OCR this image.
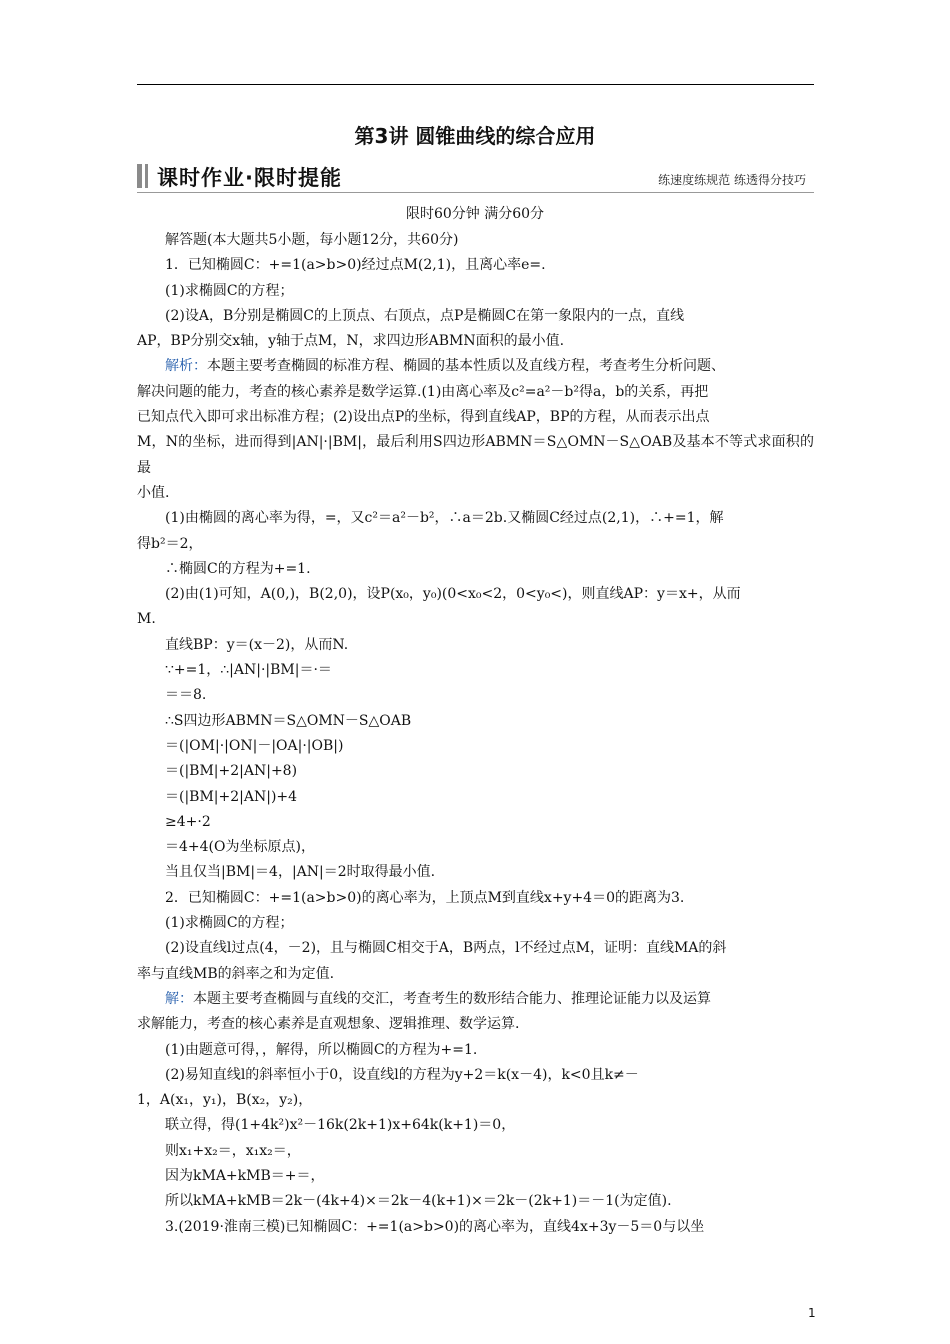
第3讲 圆锥曲线的综合应用
课时作业·限时提能	练速度练规范 练透得分技巧
限时60分钟 满分60分

解答题(本大题共5小题，每小题12分，共60分)

1．已知椭圆C：+=1(a>b>0)经过点M(2,1)，且离心率e=.

(1)求椭圆C的方程；

(2)设A，B分别是椭圆C的上顶点、右顶点，点P是椭圆C在第一象限内的一点，直线

AP，BP分别交x轴，y轴于点M，N，求四边形ABMN面积的最小值.

解析：本题主要考查椭圆的标准方程、椭圆的基本性质以及直线方程，考查考生分析问题、

解决问题的能力，考查的核心素养是数学运算.(1)由离心率及c²=a²－b²得a，b的关系，再把

已知点代入即可求出标准方程；(2)设出点P的坐标，得到直线AP，BP的方程，从而表示出点

M，N的坐标，进而得到|AN|·|BM|，最后利用S四边形ABMN＝S△OMN－S△OAB及基本不等式求面积的最

小值.

(1)由椭圆的离心率为得，=，又c²＝a²－b²，∴a＝2b.又椭圆C经过点(2,1)，∴+=1，解

得b²＝2，

∴椭圆C的方程为+=1.

(2)由(1)可知，A(0,)，B(2,0)，设P(x₀，y₀)(0<x₀<2，0<y₀<)，则直线AP：y＝x+，从而

M.

直线BP：y＝(x－2)，从而N.

∵+=1，∴|AN|·|BM|＝·＝

＝＝8.

∴S四边形ABMN＝S△OMN－S△OAB

＝(|OM|·|ON|－|OA|·|OB|)

＝(|BM|+2|AN|+8)

＝(|BM|+2|AN|)+4

≥4+·2

＝4+4(O为坐标原点)，

当且仅当|BM|＝4，|AN|＝2时取得最小值.

2．已知椭圆C：+=1(a>b>0)的离心率为，上顶点M到直线x+y+4＝0的距离为3.

(1)求椭圆C的方程；

(2)设直线l过点(4，－2)，且与椭圆C相交于A，B两点，l不经过点M，证明：直线MA的斜

率与直线MB的斜率之和为定值.

解：本题主要考查椭圆与直线的交汇，考查考生的数形结合能力、推理论证能力以及运算

求解能力，考查的核心素养是直观想象、逻辑推理、数学运算.

(1)由题意可得，，解得，所以椭圆C的方程为+=1.

(2)易知直线l的斜率恒小于0，设直线l的方程为y+2＝k(x－4)，k<0且k≠－

1，A(x₁，y₁)，B(x₂，y₂)，

联立得，得(1+4k²)x²－16k(2k+1)x+64k(k+1)＝0，

则x₁+x₂＝，x₁x₂＝，

因为kMA+kMB＝+＝，

所以kMA+kMB＝2k－(4k+4)×＝2k－4(k+1)×＝2k－(2k+1)＝－1(为定值).

3.(2019·淮南三模)已知椭圆C：+=1(a>b>0)的离心率为，直线4x+3y－5＝0与以坐

1
